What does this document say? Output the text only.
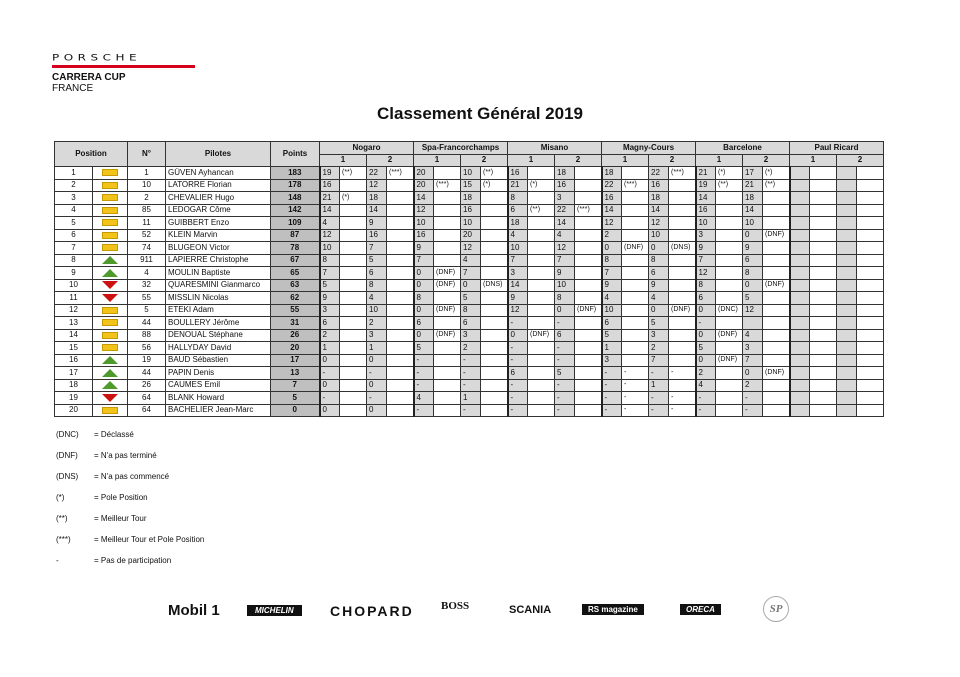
PORSCHE
CARRERA CUP
FRANCE
Classement Général 2019
Position		N°	Pilotes	Points	Nogaro				Spa-Francorchamps				Misano				Magny-Cours				Barcelone				Paul Ricard			
					1		2		1		2		1		2		1		2		1		2		1		2	
1		1	GÜVEN Ayhancan	183	19	(**)	22	(***)	20		10	(**)	16		18		18		22	(***)	21	(*)	17	(*)				
2		10	LATORRE Florian	178	16		12		20	(***)	15	(*)	21	(*)	16		22	(***)	16		19	(**)	21	(**)				
3		2	CHEVALIER Hugo	148	21	(*)	18		14		18		8		3		16		18		14		18					
4		85	LEDOGAR Côme	142	14		14		12		16		6	(**)	22	(***)	14		14		16		14					
5		11	GUIBBERT Enzo	109	4		9		10		10		18		14		12		12		10		10					
6		52	KLEIN Marvin	87	12		16		16		20		4		4		2		10		3		0	(DNF)				
7		74	BLUGEON Victor	78	10		7		9		12		10		12		0	(DNF)	0	(DNS)	9		9					
8		911	LAPIERRE Christophe	67	8		5		7		4		7		7		8		8		7		6					
9		4	MOULIN Baptiste	65	7		6		0	(DNF)	7		3		9		7		6		12		8					
10		32	QUARESMINI Gianmarco	63	5		8		0	(DNF)	0	(DNS)	14		10		9		9		8		0	(DNF)				
11		55	MISSLIN Nicolas	62	9		4		8		5		9		8		4		4		6		5					
12		5	ETEKI Adam	55	3		10		0	(DNF)	8		12		0	(DNF)	10		0	(DNF)	0	(DNC)	12					
13		44	BOULLERY Jérôme	31	6		2		6		6		-		-		6		5		-							
14		88	DENOUAL Stéphane	26	2		3		0	(DNF)	3		0	(DNF)	6		5		3		0	(DNF)	4					
15		56	HALLYDAY David	20	1		1		5		2		-		-		1		2		5		3					
16		19	BAUD Sébastien	17	0		0		-		-		-		-		3		7		0	(DNF)	7					
17		44	PAPIN Denis	13	-		-		-		-		6		5		-	-	-	-	2		0	(DNF)				
18		26	CAUMES Emil	7	0		0		-		-		-		-		-	-	1		4		2					
19		64	BLANK Howard	5	-		-		4		1		-		-		-	-	-	-	-		-					
20		64	BACHELIER Jean-Marc	0	0		0		-		-		-		-		-	-	-	-	-		-					
(DNC)	= Déclassé
(DNF)	= N'a pas terminé
(DNS)	= N'a pas commencé
(*)	= Pole Position
(**)	= Meilleur Tour
(***)	= Meilleur Tour et Pole Position
-	= Pas de participation
Mobil 1	MICHELIN	CHOPARD BOSS	SCANIA	RS magazine	ORECA	SP
